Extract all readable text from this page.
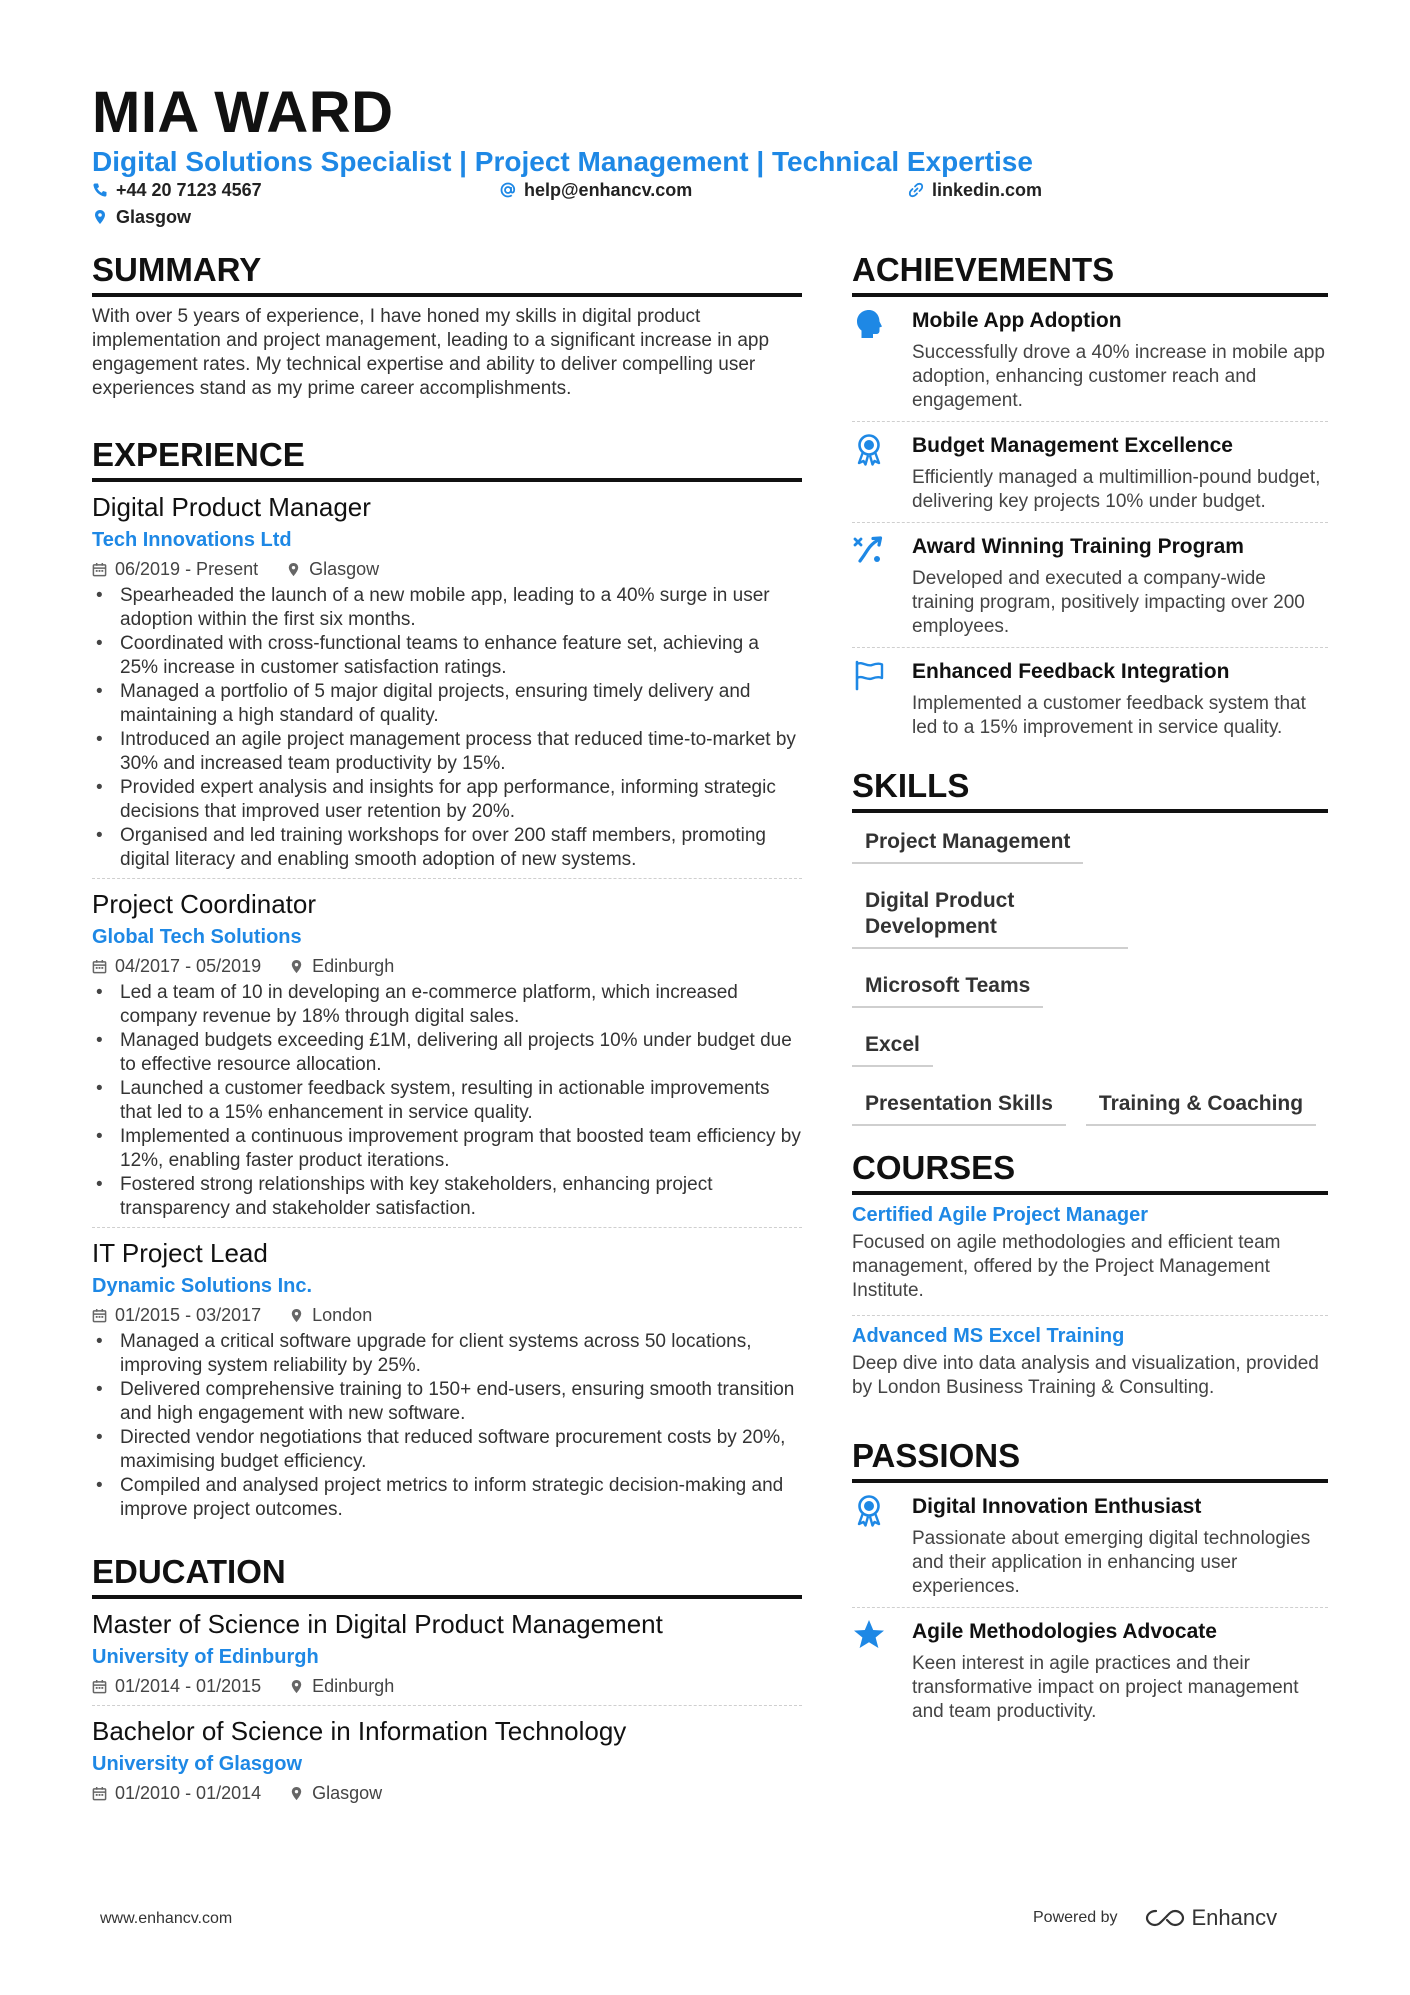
MIA WARD
Digital Solutions Specialist | Project Management | Technical Expertise
+44 20 7123 4567	help@enhancv.com	linkedin.com
Glasgow
SUMMARY

With over 5 years of experience, I have honed my skills in digital product implementation and project management, leading to a significant increase in app engagement rates. My technical expertise and ability to deliver compelling user experiences stand as my prime career accomplishments.

EXPERIENCE
Digital Product Manager
Tech Innovations Ltd
06/2019 - Present	Glasgow
• Spearheaded the launch of a new mobile app, leading to a 40% surge in user adoption within the first six months.
• Coordinated with cross-functional teams to enhance feature set, achieving a 25% increase in customer satisfaction ratings.
• Managed a portfolio of 5 major digital projects, ensuring timely delivery and maintaining a high standard of quality.
• Introduced an agile project management process that reduced time-to-market by 30% and increased team productivity by 15%.
• Provided expert analysis and insights for app performance, informing strategic decisions that improved user retention by 20%.
• Organised and led training workshops for over 200 staff members, promoting digital literacy and enabling smooth adoption of new systems.
Project Coordinator
Global Tech Solutions
04/2017 - 05/2019	Edinburgh
• Led a team of 10 in developing an e-commerce platform, which increased company revenue by 18% through digital sales.
• Managed budgets exceeding £1M, delivering all projects 10% under budget due to effective resource allocation.
• Launched a customer feedback system, resulting in actionable improvements that led to a 15% enhancement in service quality.
• Implemented a continuous improvement program that boosted team efficiency by 12%, enabling faster product iterations.
• Fostered strong relationships with key stakeholders, enhancing project transparency and stakeholder satisfaction.
IT Project Lead
Dynamic Solutions Inc.
01/2015 - 03/2017	London
• Managed a critical software upgrade for client systems across 50 locations, improving system reliability by 25%.
• Delivered comprehensive training to 150+ end-users, ensuring smooth transition and high engagement with new software.
• Directed vendor negotiations that reduced software procurement costs by 20%, maximising budget efficiency.
• Compiled and analysed project metrics to inform strategic decision-making and improve project outcomes.
EDUCATION
Master of Science in Digital Product Management
University of Edinburgh
01/2014 - 01/2015	Edinburgh
Bachelor of Science in Information Technology
University of Glasgow
01/2010 - 01/2014	Glasgow
ACHIEVEMENTS
Mobile App Adoption
Successfully drove a 40% increase in mobile app adoption, enhancing customer reach and engagement.
Budget Management Excellence
Efficiently managed a multimillion-pound budget, delivering key projects 10% under budget.
Award Winning Training Program
Developed and executed a company-wide training program, positively impacting over 200 employees.
Enhanced Feedback Integration
Implemented a customer feedback system that led to a 15% improvement in service quality.
SKILLS
Project Management
Digital Product Development
Microsoft Teams
Excel
Presentation Skills	Training & Coaching
COURSES
Certified Agile Project Manager
Focused on agile methodologies and efficient team management, offered by the Project Management Institute.
Advanced MS Excel Training
Deep dive into data analysis and visualization, provided by London Business Training & Consulting.
PASSIONS
Digital Innovation Enthusiast
Passionate about emerging digital technologies and their application in enhancing user experiences.
Agile Methodologies Advocate
Keen interest in agile practices and their transformative impact on project management and team productivity.
www.enhancv.com	Powered by	Enhancv
